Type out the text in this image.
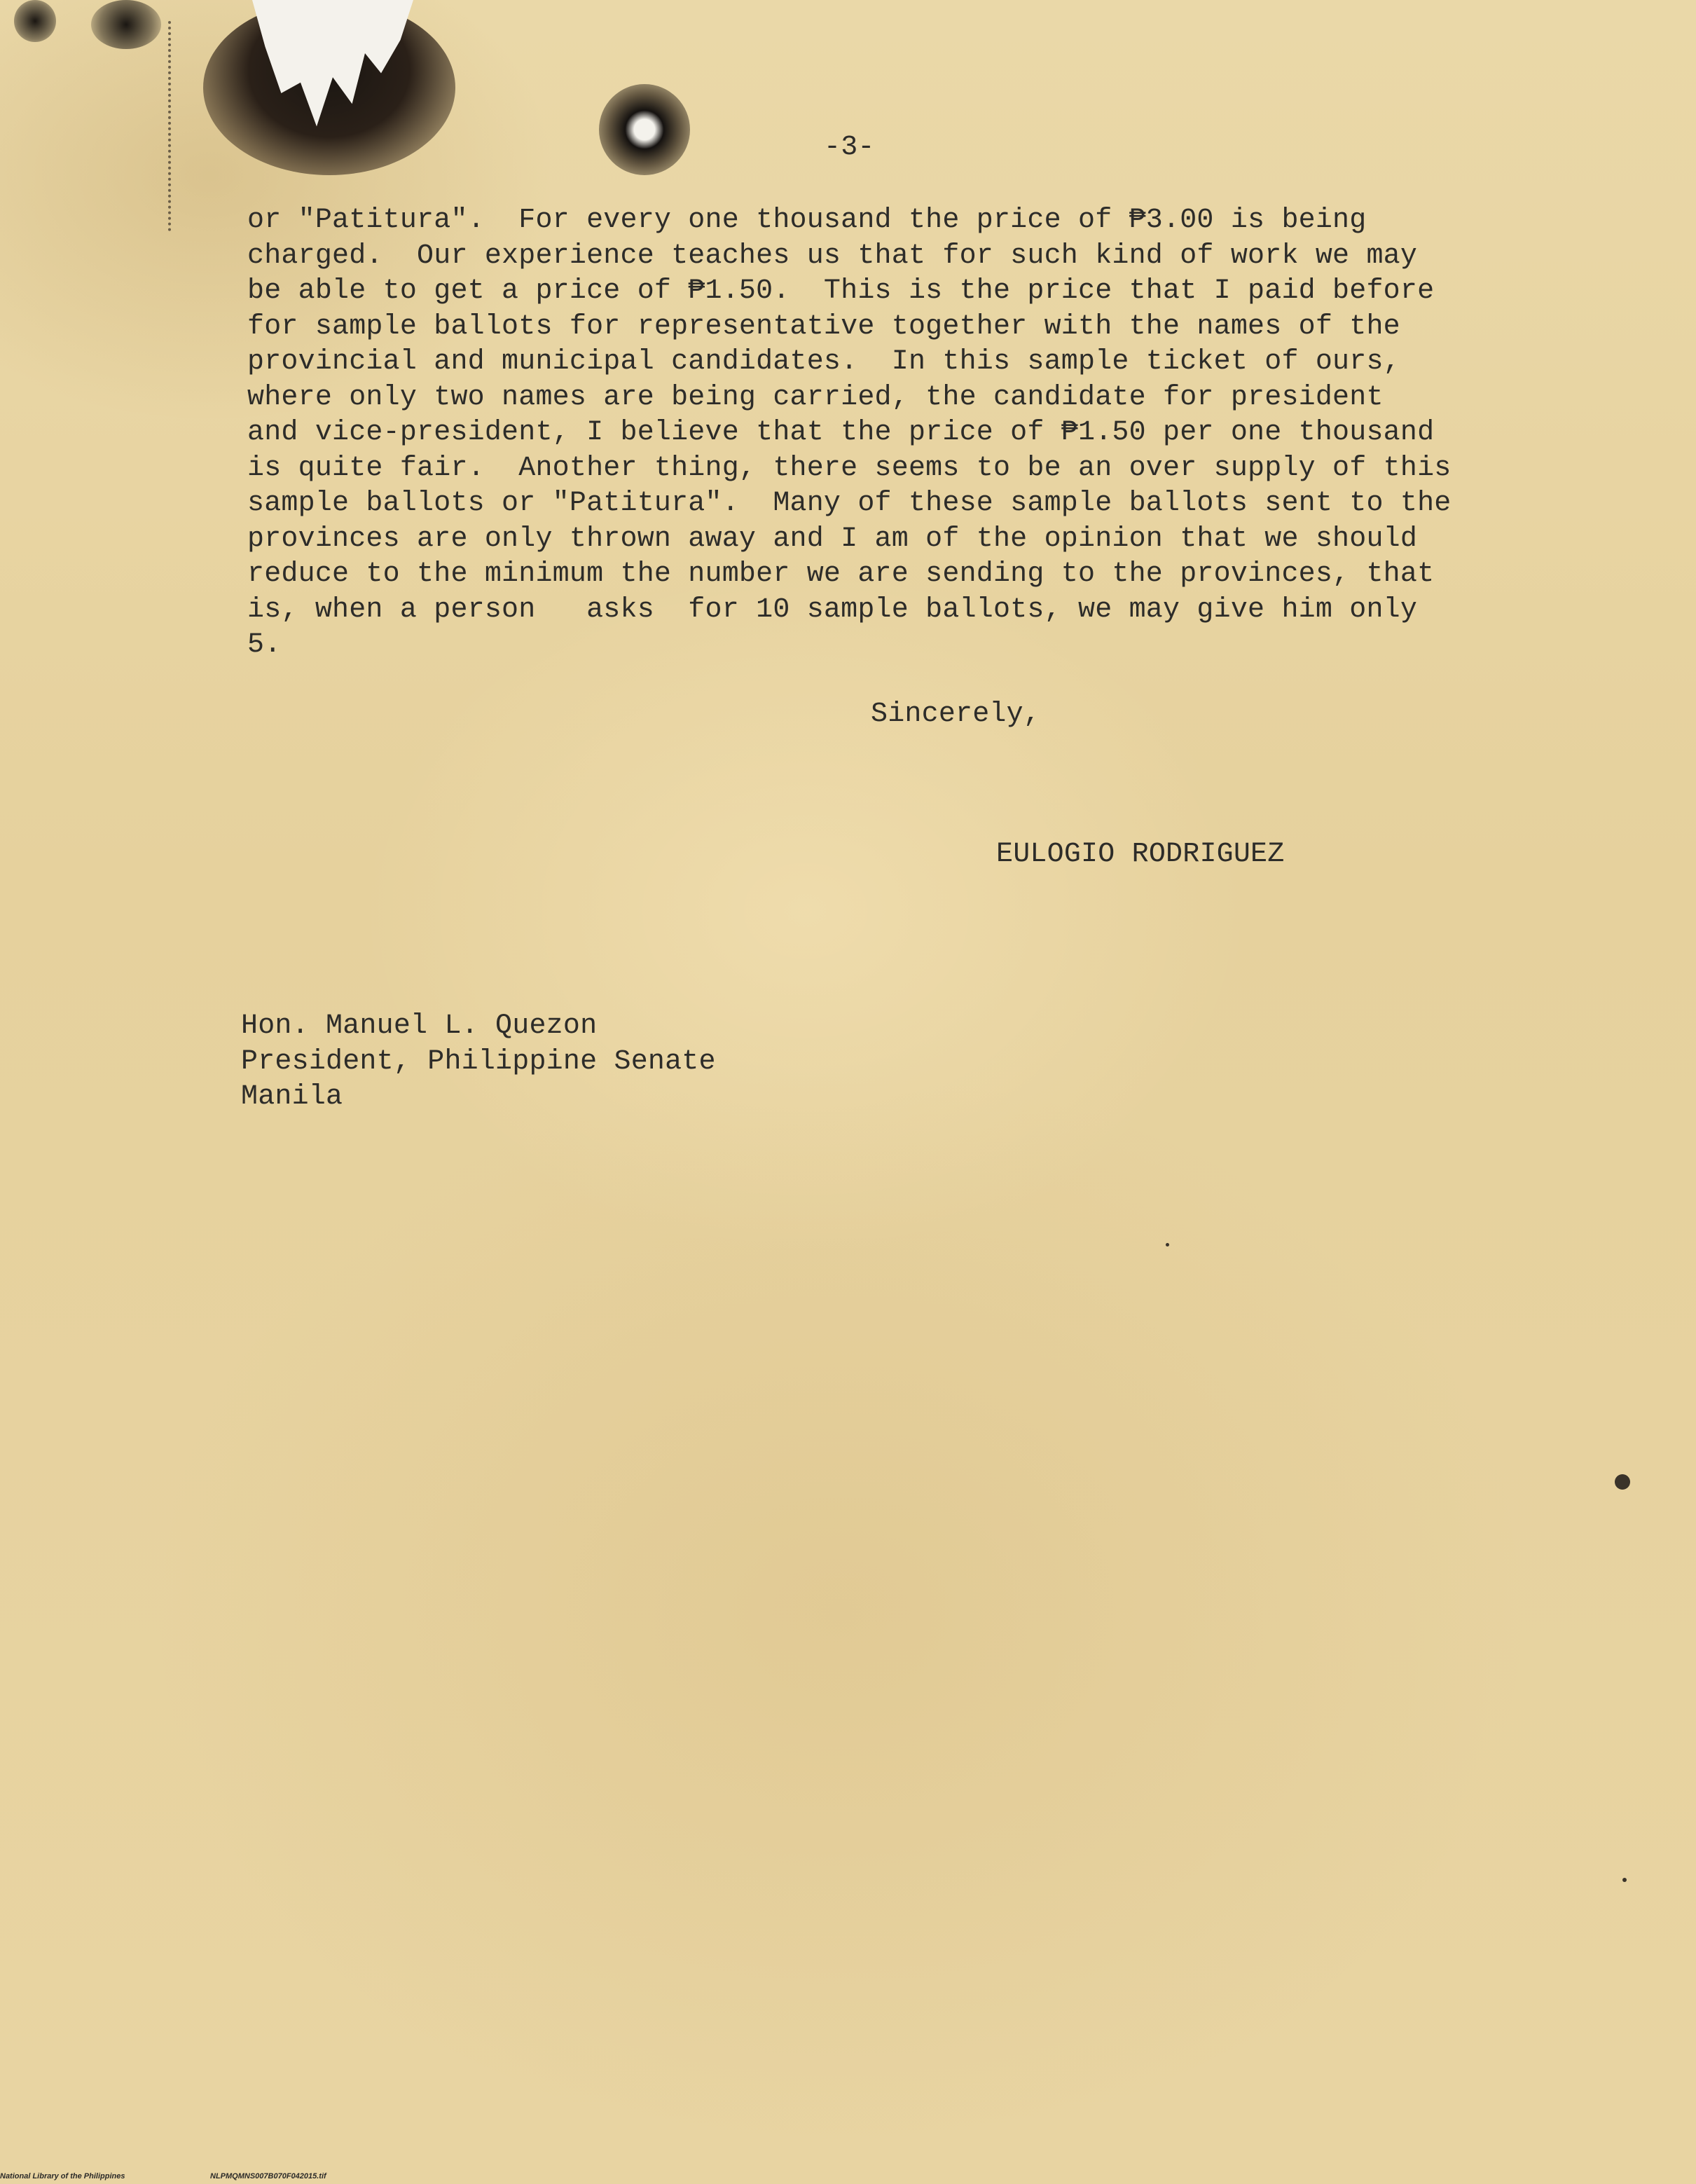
-3-
or "Patitura".  For every one thousand the price of ₱3.00 is being
charged.  Our experience teaches us that for such kind of work we may
be able to get a price of ₱1.50.  This is the price that I paid before
for sample ballots for representative together with the names of the
provincial and municipal candidates.  In this sample ticket of ours,
where only two names are being carried, the candidate for president
and vice-president, I believe that the price of ₱1.50 per one thousand
is quite fair.  Another thing, there seems to be an over supply of this
sample ballots or "Patitura".  Many of these sample ballots sent to the
provinces are only thrown away and I am of the opinion that we should
reduce to the minimum the number we are sending to the provinces, that
is, when a person   asks  for 10 sample ballots, we may give him only
5.
Sincerely,
EULOGIO RODRIGUEZ
Hon. Manuel L. Quezon
President, Philippine Senate
Manila
National Library of the Philippines	NLPMQMNS007B070F042015.tif
